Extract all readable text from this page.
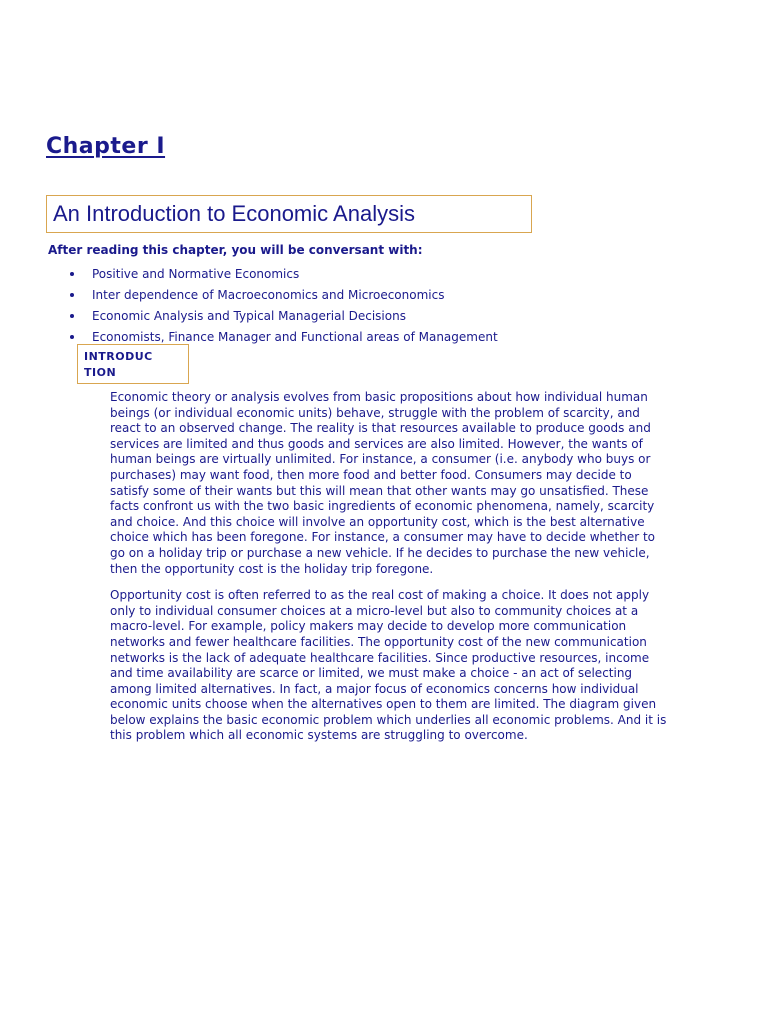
Chapter I
An Introduction to Economic Analysis

After reading this chapter, you will be conversant with:

Positive and Normative Economics
Inter dependence of Macroeconomics and Microeconomics
Economic Analysis and Typical Managerial Decisions
Economists, Finance Manager and Functional areas of Management

INTRODUCTION

Economic theory or analysis evolves from basic propositions about how individual human beings (or individual economic units) behave, struggle with the problem of scarcity, and react to an observed change. The reality is that resources available to produce goods and services are limited and thus goods and services are also limited. However, the wants of human beings are virtually unlimited. For instance, a consumer (i.e. anybody who buys or purchases) may want food, then more food and better food. Consumers may decide to satisfy some of their wants but this will mean that other wants may go unsatisfied. These facts confront us with the two basic ingredients of economic phenomena, namely, scarcity and choice. And this choice will involve an opportunity cost, which is the best alternative choice which has been foregone. For instance, a consumer may have to decide whether to go on a holiday trip or purchase a new vehicle. If he decides to purchase the new vehicle, then the opportunity cost is the holiday trip foregone.

Opportunity cost is often referred to as the real cost of making a choice. It does not apply only to individual consumer choices at a micro-level but also to community choices at a macro-level. For example, policy makers may decide to develop more communication networks and fewer healthcare facilities. The opportunity cost of the new communication networks is the lack of adequate healthcare facilities. Since productive resources, income and time availability are scarce or limited, we must make a choice - an act of selecting among limited alternatives. In fact, a major focus of economics concerns how individual economic units choose when the alternatives open to them are limited. The diagram given below explains the basic economic problem which underlies all economic problems. And it is this problem which all economic systems are struggling to overcome.
